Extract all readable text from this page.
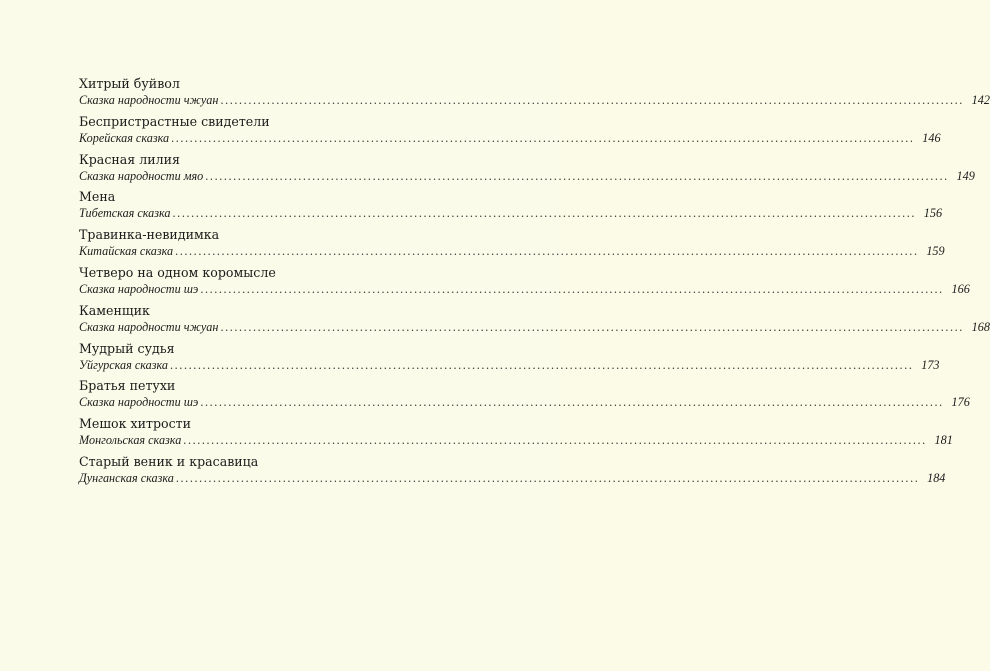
Хитрый буйвол
Сказка народности чжуан ................................................................................................................................................................ 142
Беспристрастные свидетели
Корейская сказка ................................................................................................................................................................ 146
Красная лилия
Сказка народности мяо ................................................................................................................................................................ 149
Мена
Тибетская сказка ................................................................................................................................................................ 156
Травинка-невидимка
Китайская сказка ................................................................................................................................................................ 159
Четверо на одном коромысле
Сказка народности шэ ................................................................................................................................................................ 166
Каменщик
Сказка народности чжуан ................................................................................................................................................................ 168
Мудрый судья
Уйгурская сказка ................................................................................................................................................................ 173
Братья петухи
Сказка народности шэ ................................................................................................................................................................ 176
Мешок хитрости
Монгольская сказка ................................................................................................................................................................ 181
Старый веник и красавица
Дунганская сказка ................................................................................................................................................................ 184
